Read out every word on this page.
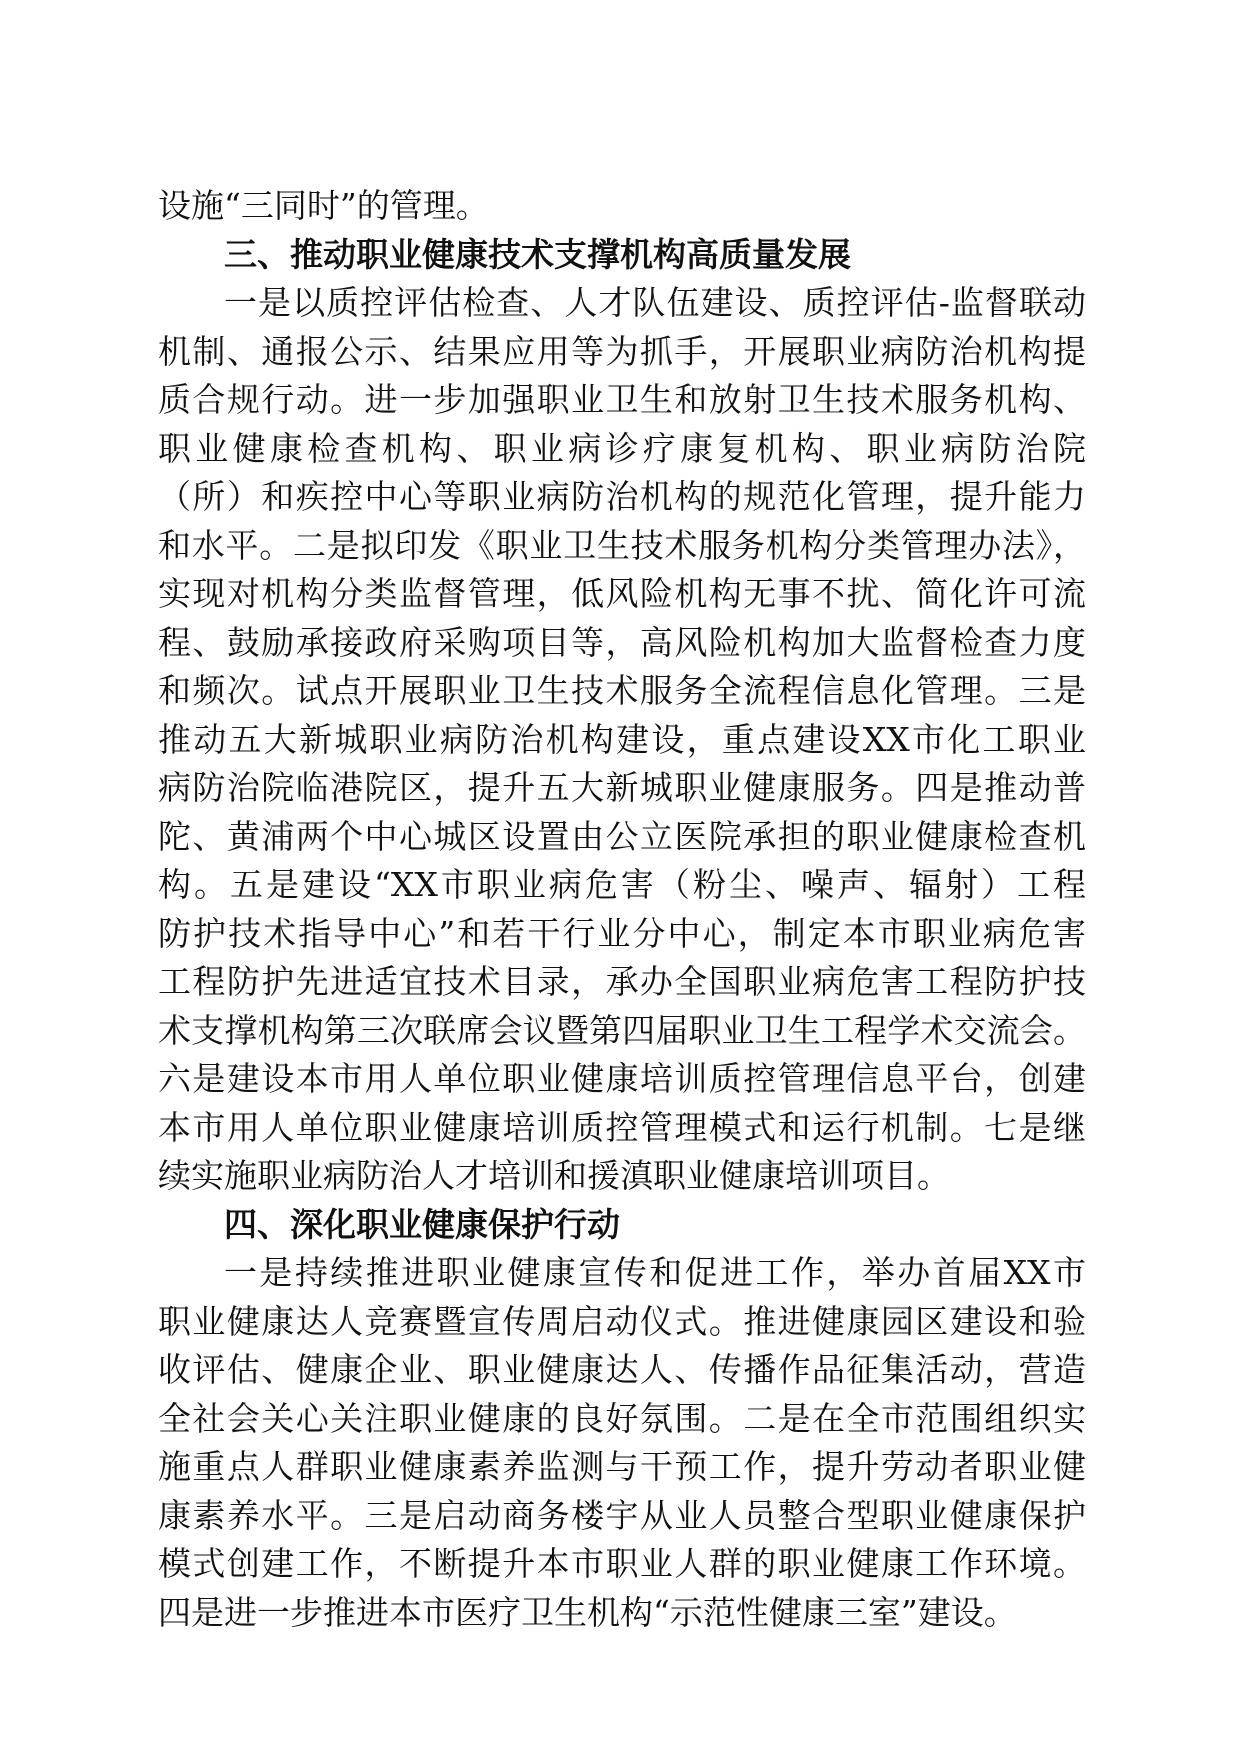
设施“三同时”的管理。
三、推动职业健康技术支撑机构高质量发展
一是以质控评估检查、人才队伍建设、质控评估-监督联动
机制、通报公示、结果应用等为抓手，开展职业病防治机构提
质合规行动。进一步加强职业卫生和放射卫生技术服务机构、
职业健康检查机构、职业病诊疗康复机构、职业病防治院
（所）和疾控中心等职业病防治机构的规范化管理，提升能力
和水平。二是拟印发《职业卫生技术服务机构分类管理办法》，
实现对机构分类监督管理，低风险机构无事不扰、简化许可流
程、鼓励承接政府采购项目等，高风险机构加大监督检查力度
和频次。试点开展职业卫生技术服务全流程信息化管理。三是
推动五大新城职业病防治机构建设，重点建设XX市化工职业
病防治院临港院区，提升五大新城职业健康服务。四是推动普
陀、黄浦两个中心城区设置由公立医院承担的职业健康检查机
构。五是建设“XX市职业病危害（粉尘、噪声、辐射）工程
防护技术指导中心”和若干行业分中心，制定本市职业病危害
工程防护先进适宜技术目录，承办全国职业病危害工程防护技
术支撑机构第三次联席会议暨第四届职业卫生工程学术交流会。
六是建设本市用人单位职业健康培训质控管理信息平台，创建
本市用人单位职业健康培训质控管理模式和运行机制。七是继
续实施职业病防治人才培训和援滇职业健康培训项目。
四、深化职业健康保护行动
一是持续推进职业健康宣传和促进工作，举办首届XX市
职业健康达人竞赛暨宣传周启动仪式。推进健康园区建设和验
收评估、健康企业、职业健康达人、传播作品征集活动，营造
全社会关心关注职业健康的良好氛围。二是在全市范围组织实
施重点人群职业健康素养监测与干预工作，提升劳动者职业健
康素养水平。三是启动商务楼宇从业人员整合型职业健康保护
模式创建工作，不断提升本市职业人群的职业健康工作环境。
四是进一步推进本市医疗卫生机构“示范性健康三室”建设。
